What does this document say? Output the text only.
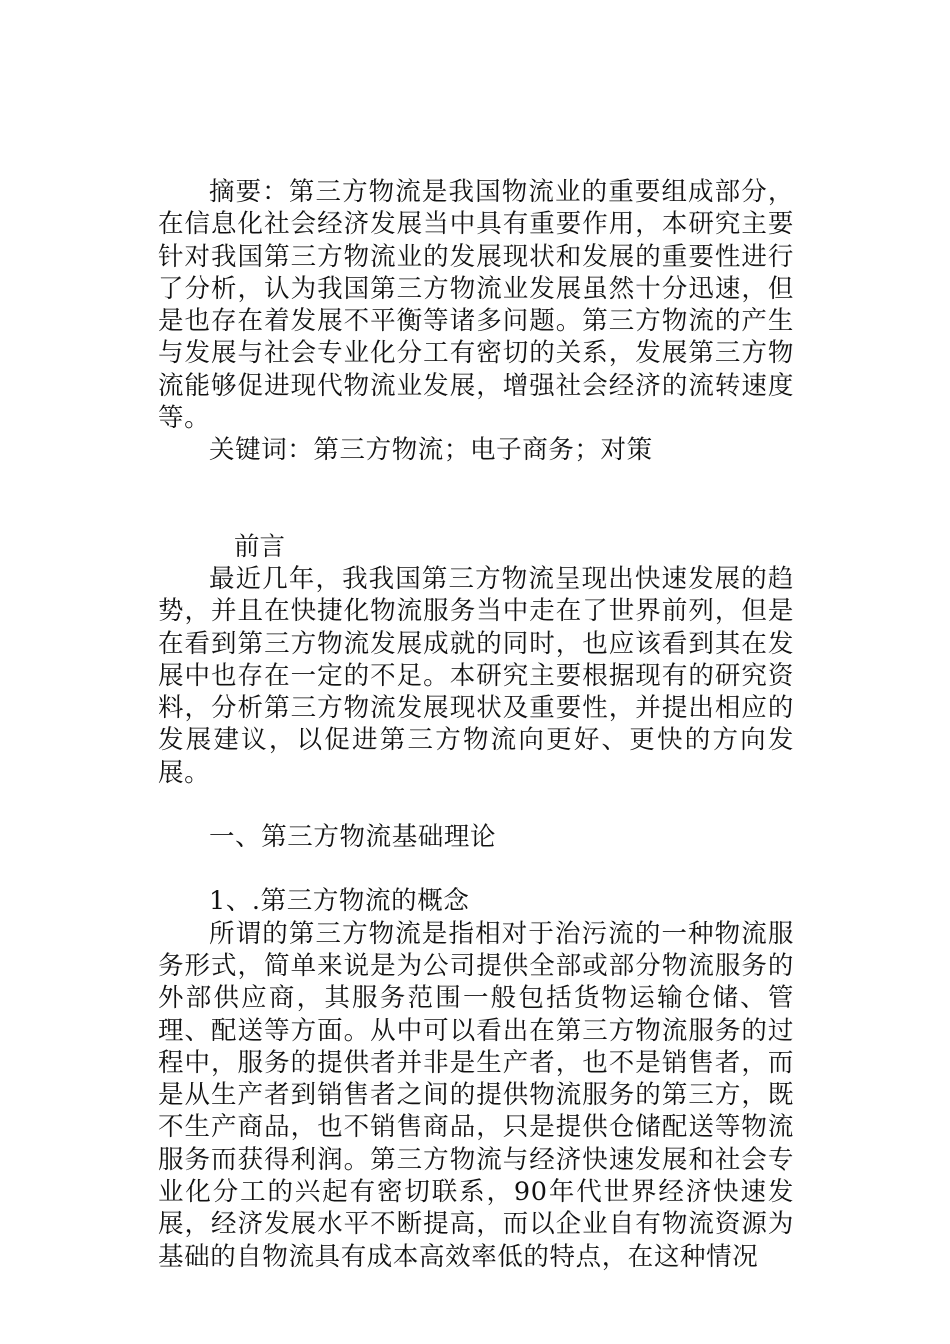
摘要：第三方物流是我国物流业的重要组成部分，在信息化社会经济发展当中具有重要作用，本研究主要针对我国第三方物流业的发展现状和发展的重要性进行了分析，认为我国第三方物流业发展虽然十分迅速，但是也存在着发展不平衡等诸多问题。第三方物流的产生与发展与社会专业化分工有密切的关系，发展第三方物流能够促进现代物流业发展，增强社会经济的流转速度等。

关键词：第三方物流；电子商务；对策

前言

最近几年，我我国第三方物流呈现出快速发展的趋势，并且在快捷化物流服务当中走在了世界前列，但是在看到第三方物流发展成就的同时，也应该看到其在发展中也存在一定的不足。本研究主要根据现有的研究资料，分析第三方物流发展现状及重要性，并提出相应的发展建议，以促进第三方物流向更好、更快的方向发展。

一、第三方物流基础理论

1、.第三方物流的概念

所谓的第三方物流是指相对于治污流的一种物流服务形式，简单来说是为公司提供全部或部分物流服务的外部供应商，其服务范围一般包括货物运输仓储、管理、配送等方面。从中可以看出在第三方物流服务的过程中，服务的提供者并非是生产者，也不是销售者，而是从生产者到销售者之间的提供物流服务的第三方，既不生产商品，也不销售商品，只是提供仓储配送等物流服务而获得利润。第三方物流与经济快速发展和社会专业化分工的兴起有密切联系，90年代世界经济快速发展，经济发展水平不断提高，而以企业自有物流资源为基础的自物流具有成本高效率低的特点，在这种情况
